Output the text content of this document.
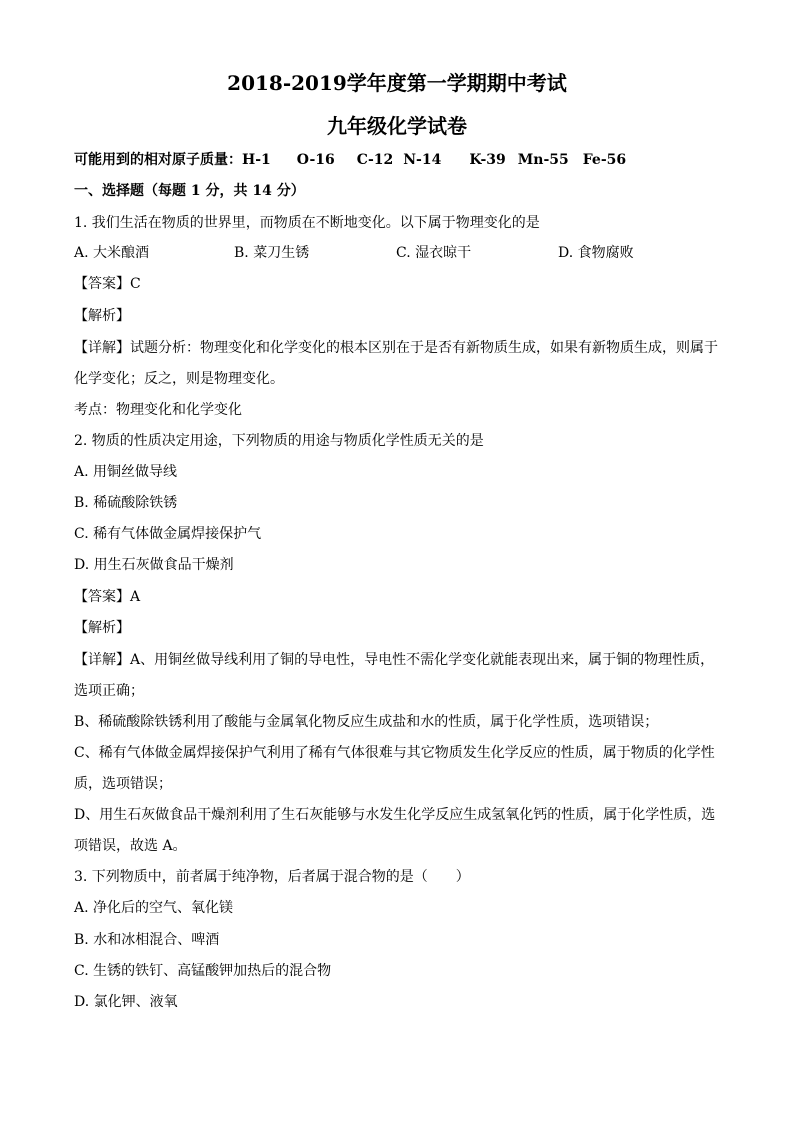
2018-2019学年度第一学期期中考试
九年级化学试卷
可能用到的相对原子质量：H-1 O-16 C-12 N-14 K-39 Mn-55 Fe-56
一、选择题（每题 1 分，共 14 分）
1. 我们生活在物质的世界里，而物质在不断地变化。以下属于物理变化的是
A. 大米酿酒	B. 菜刀生锈	C. 湿衣晾干	D. 食物腐败
【答案】C
【解析】
【详解】试题分析：物理变化和化学变化的根本区别在于是否有新物质生成，如果有新物质生成，则属于
化学变化；反之，则是物理变化。
考点：物理变化和化学变化
2. 物质的性质决定用途，下列物质的用途与物质化学性质无关的是
A. 用铜丝做导线
B. 稀硫酸除铁锈
C. 稀有气体做金属焊接保护气
D. 用生石灰做食品干燥剂
【答案】A
【解析】
【详解】A、用铜丝做导线利用了铜的导电性，导电性不需化学变化就能表现出来，属于铜的物理性质，
选项正确；
B、稀硫酸除铁锈利用了酸能与金属氧化物反应生成盐和水的性质，属于化学性质，选项错误；
C、稀有气体做金属焊接保护气利用了稀有气体很难与其它物质发生化学反应的性质，属于物质的化学性
质，选项错误；
D、用生石灰做食品干燥剂利用了生石灰能够与水发生化学反应生成氢氧化钙的性质，属于化学性质，选
项错误，故选 A。
3. 下列物质中，前者属于纯净物，后者属于混合物的是（　　）
A. 净化后的空气、氧化镁
B. 水和冰相混合、啤酒
C. 生锈的铁钉、高锰酸钾加热后的混合物
D. 氯化钾、液氧
